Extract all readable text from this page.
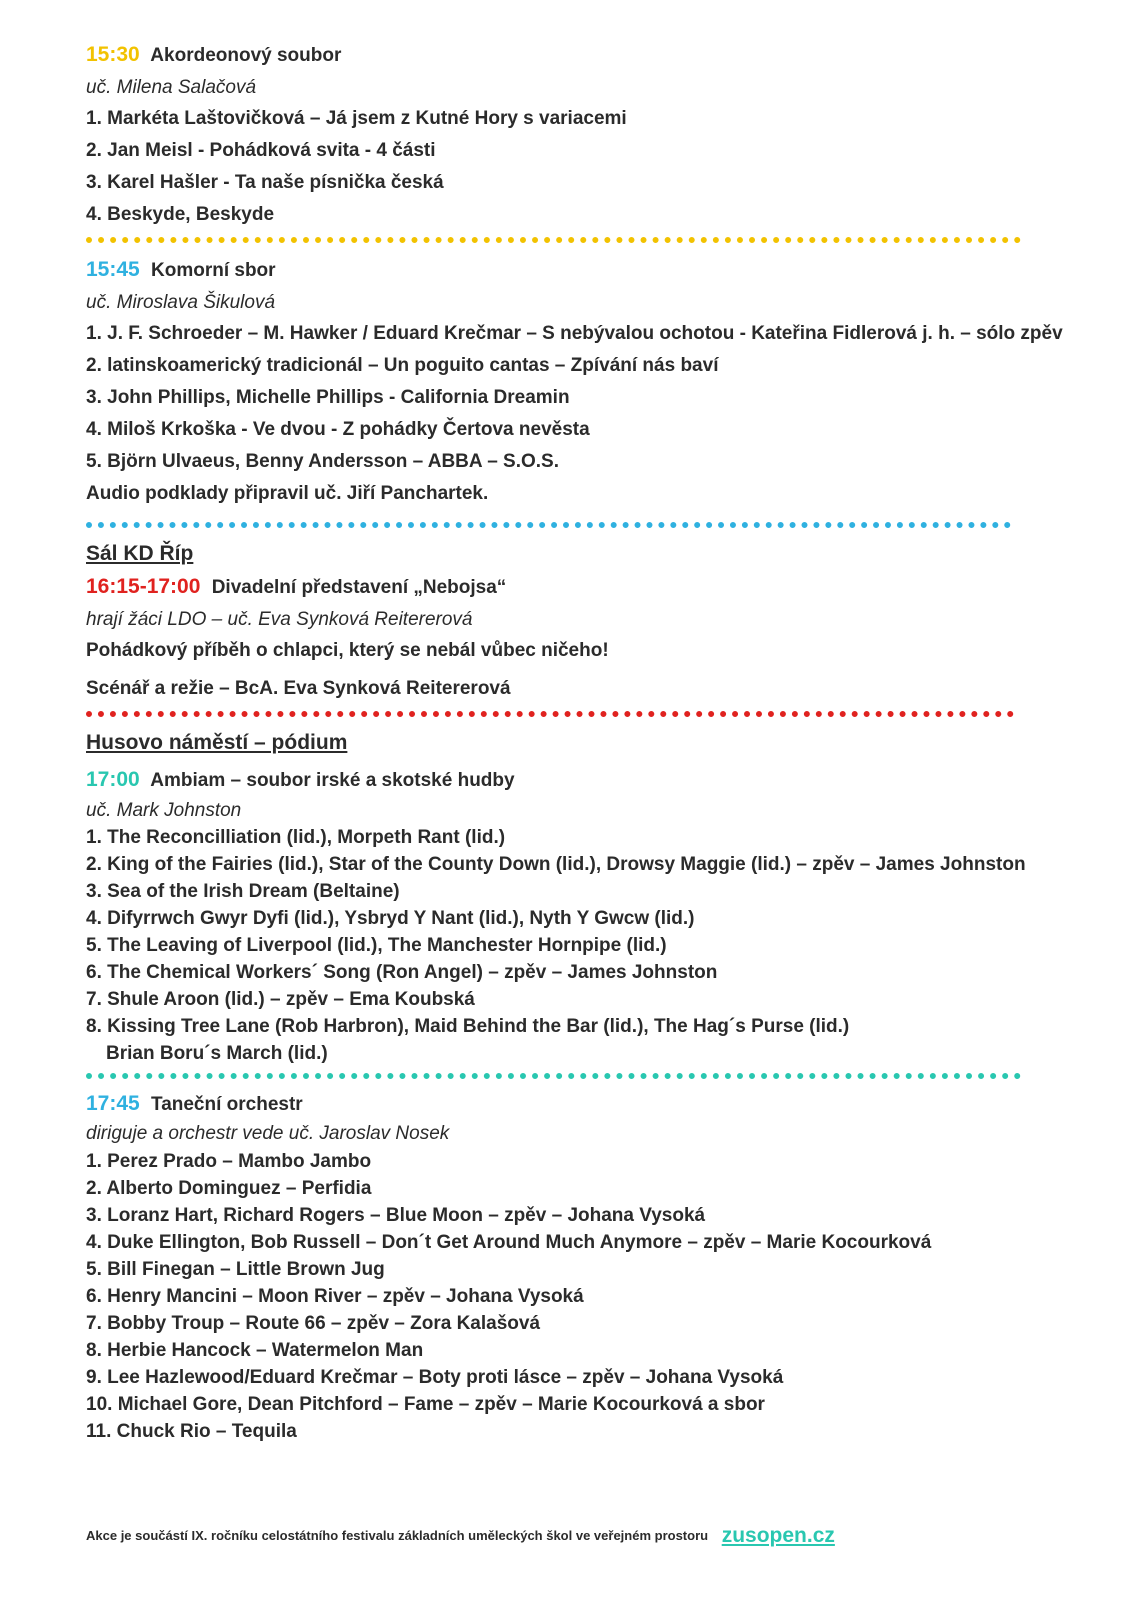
15:30 Akordeonový soubor
uč. Milena Salačová
1. Markéta Laštovičková – Já jsem z Kutné Hory s variacemi
2. Jan Meisl - Pohádková svita - 4 části
3. Karel Hašler - Ta naše písnička česká
4. Beskyde, Beskyde
15:45 Komorní sbor
uč. Miroslava Šikulová
1. J. F. Schroeder – M. Hawker / Eduard Krečmar – S nebývalou ochotou - Kateřina Fidlerová j. h. – sólo zpěv
2. latinskoamerický tradicionál – Un poguito cantas – Zpívání nás baví
3. John Phillips, Michelle Phillips - California Dreamin
4. Miloš Krkoška - Ve dvou - Z pohádky Čertova nevěsta
5. Björn Ulvaeus, Benny Andersson – ABBA – S.O.S.
Audio podklady připravil uč. Jiří Panchartek.
Sál KD Říp
16:15-17:00 Divadelní představení „Nebojsa“
hrají žáci LDO – uč. Eva Synková Reitererová
Pohádkový příběh o chlapci, který se nebál vůbec ničeho!
Scénář a režie – BcA. Eva Synková Reitererová
Husovo náměstí – pódium
17:00 Ambiam – soubor irské a skotské hudby
uč. Mark Johnston
1. The Reconcilliation (lid.), Morpeth Rant (lid.)
2. King of the Fairies (lid.), Star of the County Down (lid.), Drowsy Maggie (lid.) – zpěv – James Johnston
3. Sea of the Irish Dream (Beltaine)
4. Difyrrwch Gwyr Dyfi (lid.), Ysbryd Y Nant (lid.), Nyth Y Gwcw (lid.)
5. The Leaving of Liverpool (lid.), The Manchester Hornpipe (lid.)
6. The Chemical Workers´ Song (Ron Angel) – zpěv – James Johnston
7. Shule Aroon (lid.) – zpěv – Ema Koubská
8. Kissing Tree Lane (Rob Harbron), Maid Behind the Bar (lid.), The Hag´s Purse (lid.)
Brian Boru´s March (lid.)
17:45 Taneční orchestr
diriguje a orchestr vede uč. Jaroslav Nosek
1. Perez Prado – Mambo Jambo
2. Alberto Dominguez – Perfidia
3. Loranz Hart, Richard Rogers – Blue Moon – zpěv – Johana Vysoká
4. Duke Ellington, Bob Russell – Don´t Get Around Much Anymore – zpěv – Marie Kocourková
5. Bill Finegan – Little Brown Jug
6. Henry Mancini – Moon River – zpěv – Johana Vysoká
7. Bobby Troup – Route 66 – zpěv – Zora Kalašová
8. Herbie Hancock – Watermelon Man
9. Lee Hazlewood/Eduard Krečmar – Boty proti lásce – zpěv – Johana Vysoká
10. Michael Gore, Dean Pitchford – Fame – zpěv – Marie Kocourková a sbor
11. Chuck Rio – Tequila
Akce je součástí IX. ročníku celostátního festivalu základních uměleckých škol ve veřejném prostoru zusopen.cz
